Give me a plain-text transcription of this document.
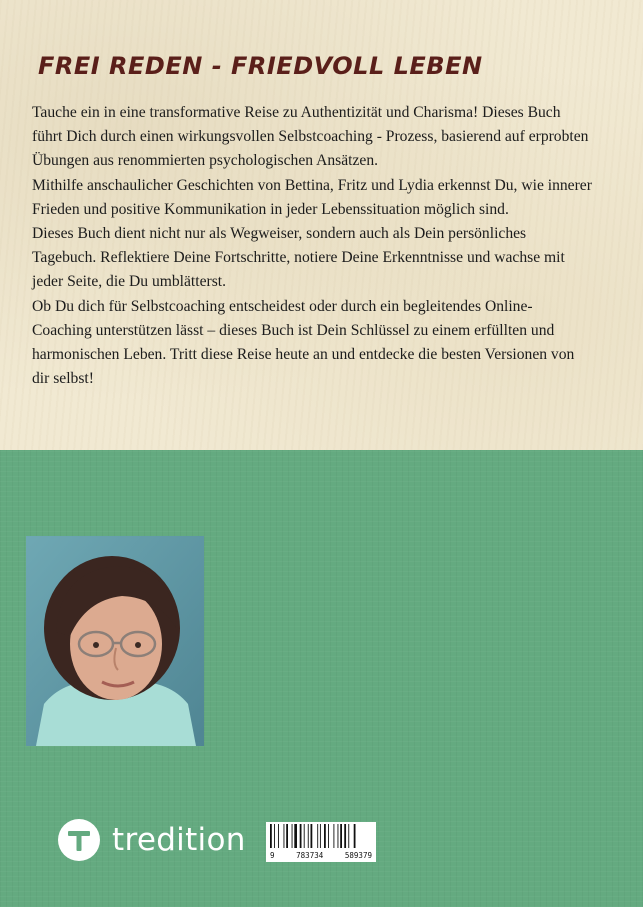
FREI REDEN - FRIEDVOLL LEBEN

Tauche ein in eine transformative Reise zu Authentizität und Charisma! Dieses Buch führt Dich durch einen wirkungsvollen Selbstcoaching - Prozess, basierend auf erprobten Übungen aus renommierten psychologischen Ansätzen.

Mithilfe anschaulicher Geschichten von Bettina, Fritz und Lydia erkennst Du, wie innerer Frieden und positive Kommunikation in jeder Lebenssituation möglich sind.

Dieses Buch dient nicht nur als Wegweiser, sondern auch als Dein persönliches Tagebuch. Reflektiere Deine Fortschritte, notiere Deine Erkenntnisse und wachse mit jeder Seite, die Du umblätterst.

Ob Du dich für Selbstcoaching entscheidest oder durch ein begleitendes Online- Coaching unterstützen lässt – dieses Buch ist Dein Schlüssel zu einem erfüllten und harmonischen Leben. Tritt diese Reise heute an und entdecke die besten Versionen von dir selbst!

tredition	9	783734	589379
